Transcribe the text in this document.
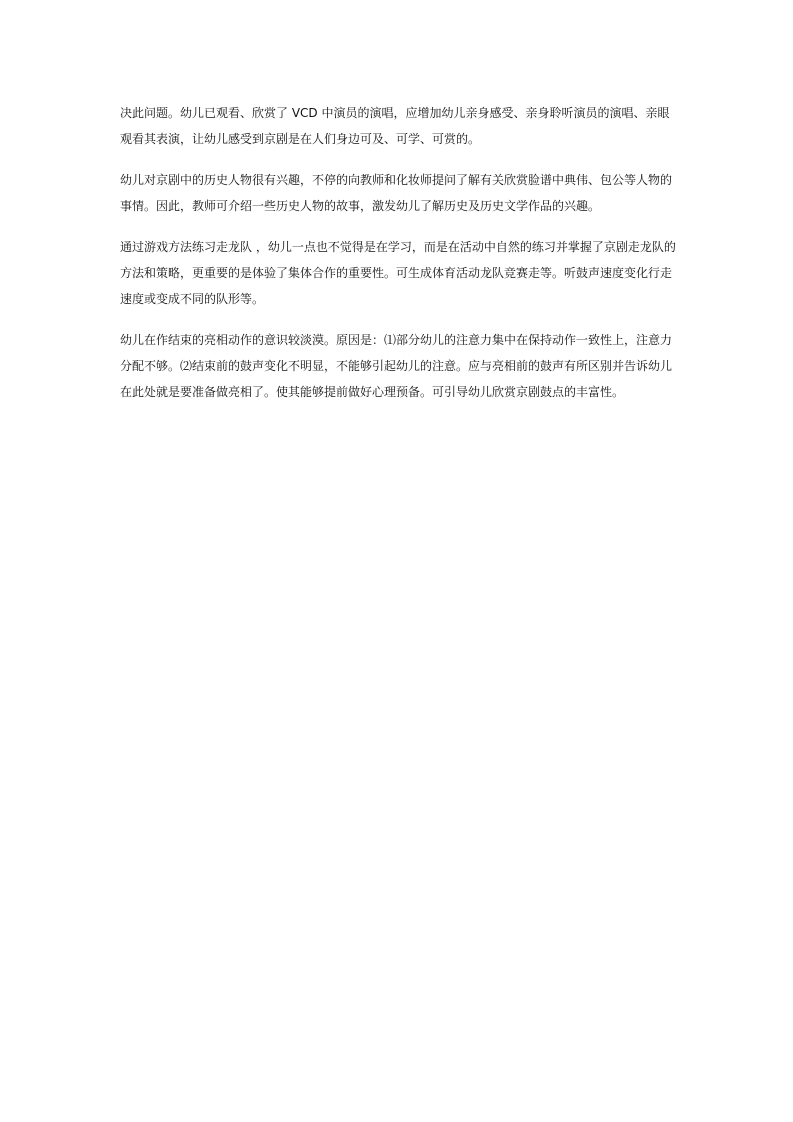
决此问题。幼儿已观看、欣赏了 VCD 中演员的演唱，应增加幼儿亲身感受、亲身聆听演员的演唱、亲眼
观看其表演，让幼儿感受到京剧是在人们身边可及、可学、可赏的。

幼儿对京剧中的历史人物很有兴趣，不停的向教师和化妆师提问了解有关欣赏脸谱中典伟、包公等人物的
事情。因此，教师可介绍一些历史人物的故事，激发幼儿了解历史及历史文学作品的兴趣。

通过游戏方法练习走龙队 ，幼儿一点也不觉得是在学习，而是在活动中自然的练习并掌握了京剧走龙队的
方法和策略，更重要的是体验了集体合作的重要性。可生成体育活动龙队竞赛走等。听鼓声速度变化行走
速度或变成不同的队形等。

幼儿在作结束的亮相动作的意识较淡漠。原因是：⑴部分幼儿的注意力集中在保持动作一致性上，注意力
分配不够。⑵结束前的鼓声变化不明显，不能够引起幼儿的注意。应与亮相前的鼓声有所区别并告诉幼儿
在此处就是要准备做亮相了。使其能够提前做好心理预备。可引导幼儿欣赏京剧鼓点的丰富性。
